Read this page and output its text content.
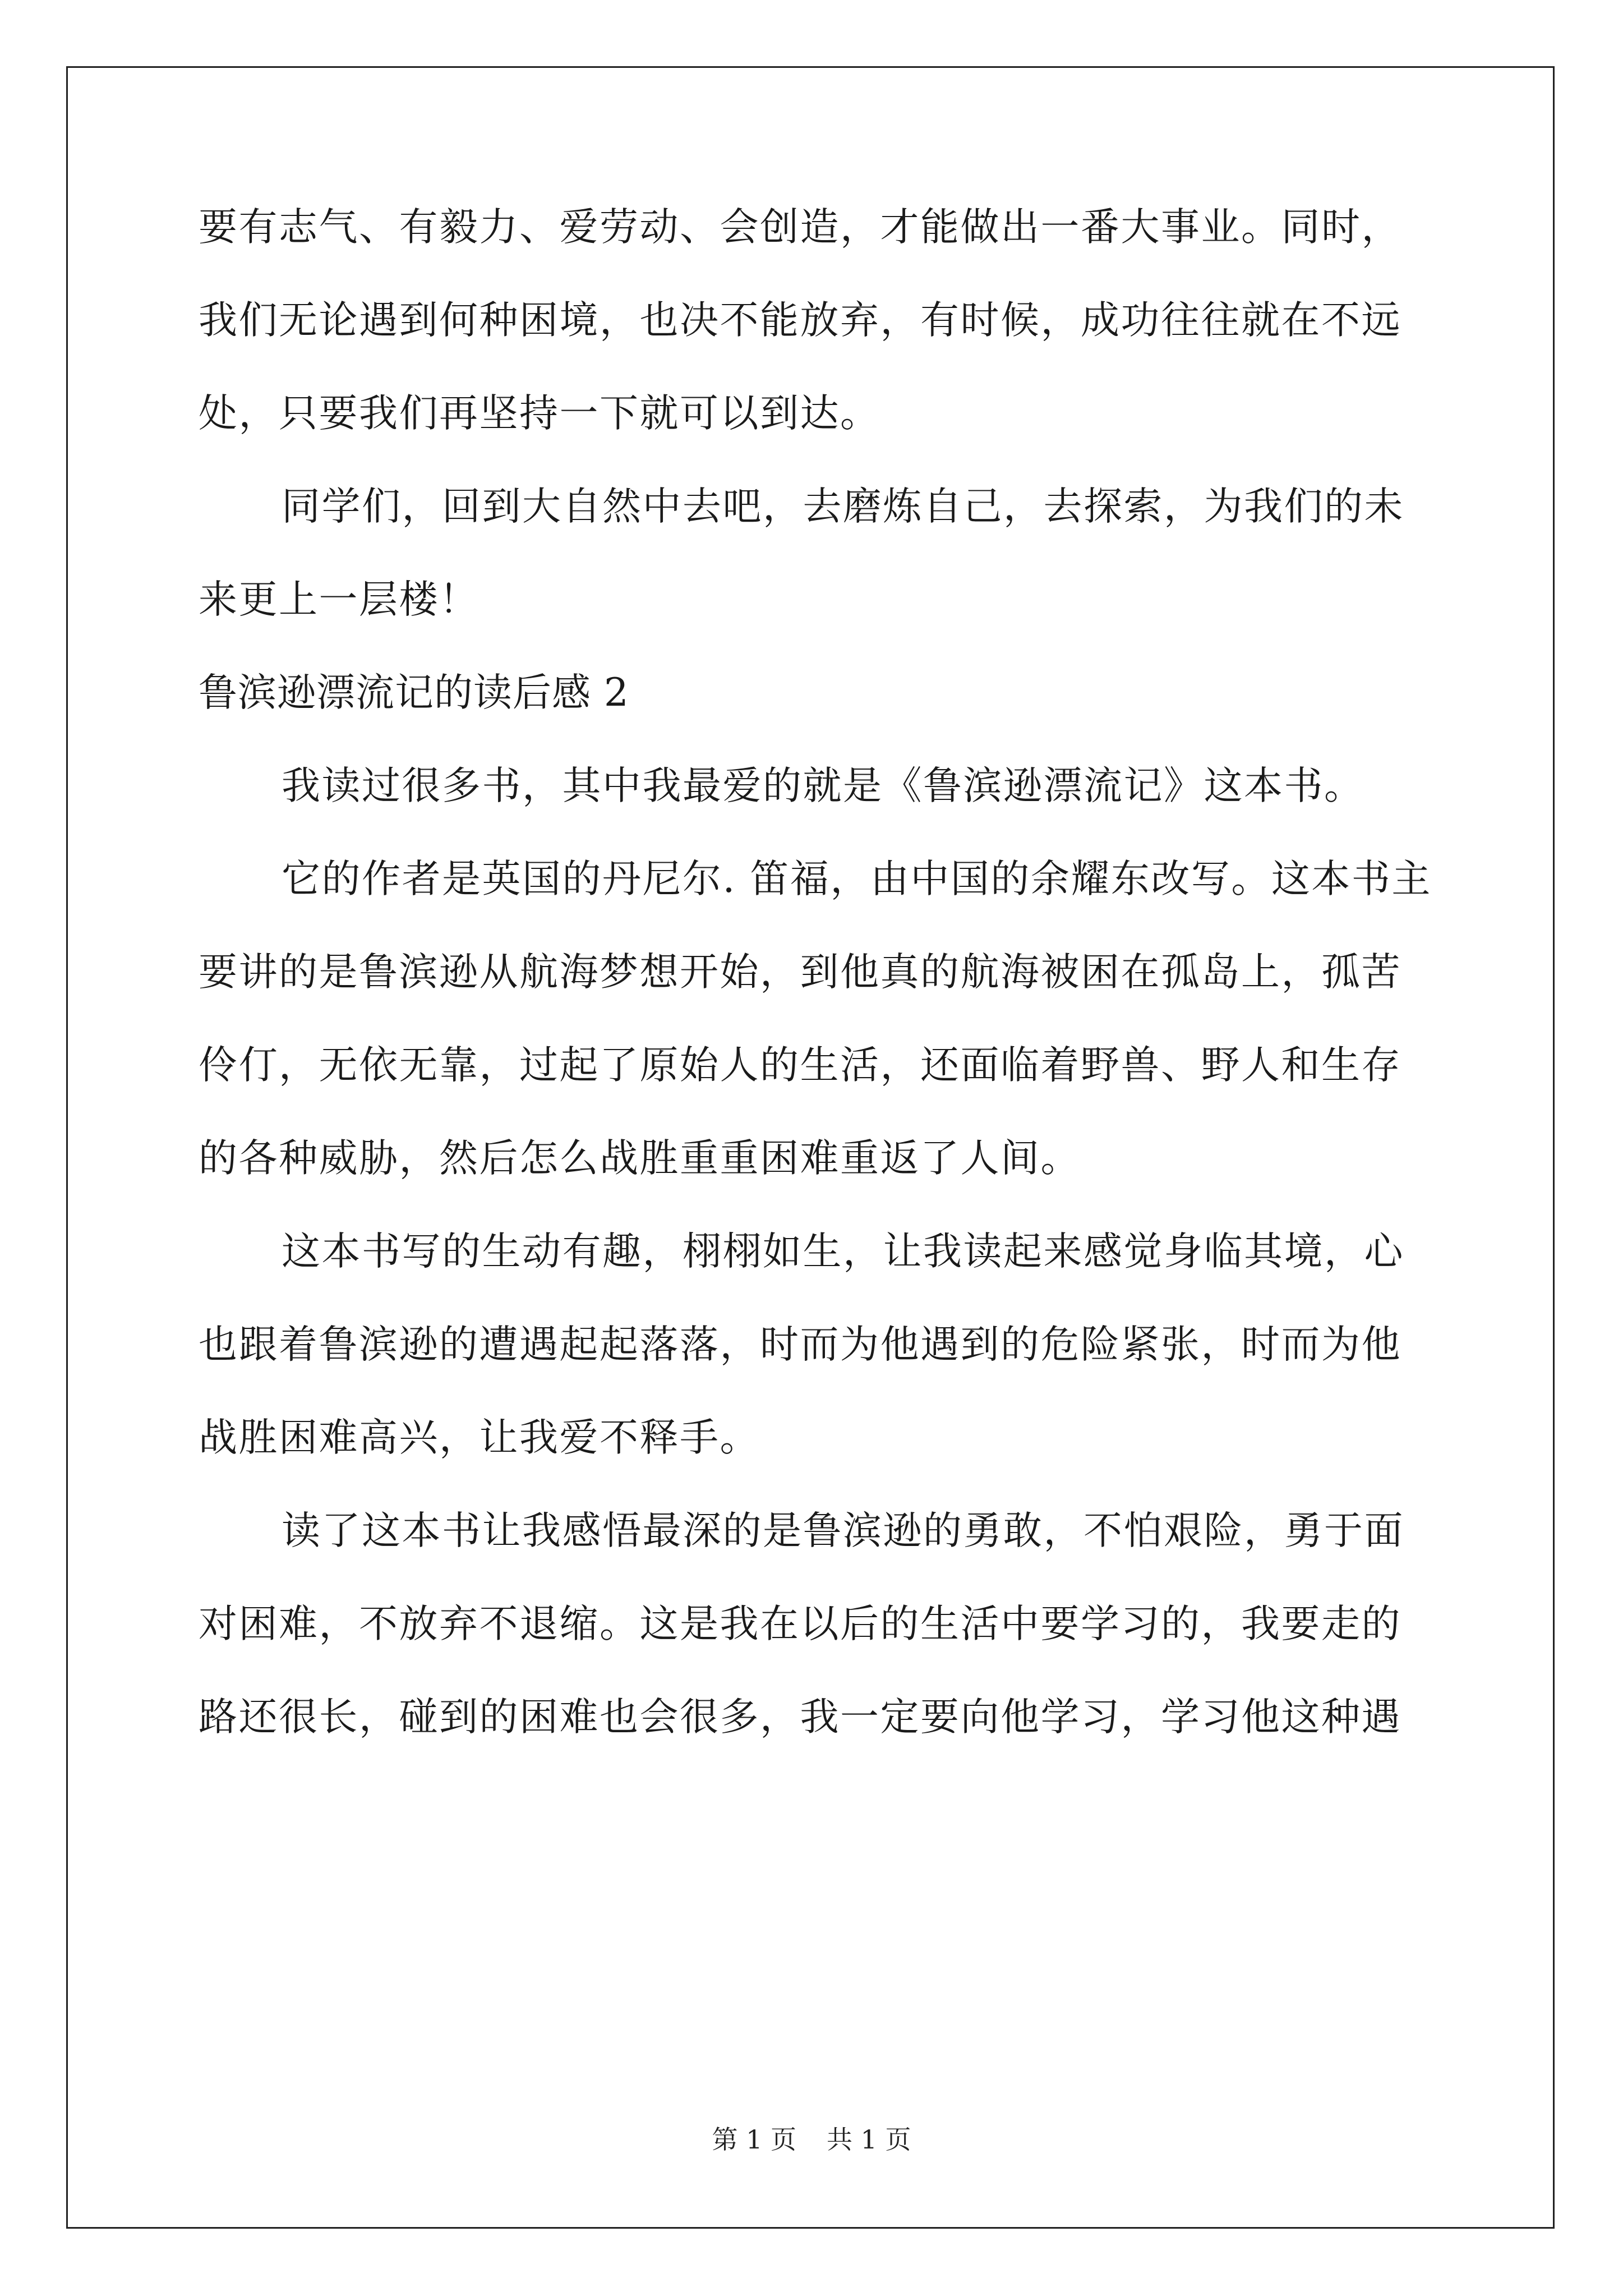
要有志气、有毅力、爱劳动、会创造，才能做出一番大事业。同时，
我们无论遇到何种困境，也决不能放弃，有时候，成功往往就在不远
处，只要我们再坚持一下就可以到达。
同学们，回到大自然中去吧，去磨炼自己，去探索，为我们的未
来更上一层楼！
鲁滨逊漂流记的读后感 2
我读过很多书，其中我最爱的就是《鲁滨逊漂流记》这本书。
它的作者是英国的丹尼尔. 笛福，由中国的余耀东改写。这本书主
要讲的是鲁滨逊从航海梦想开始，到他真的航海被困在孤岛上，孤苦
伶仃，无依无靠，过起了原始人的生活，还面临着野兽、野人和生存
的各种威胁，然后怎么战胜重重困难重返了人间。
这本书写的生动有趣，栩栩如生，让我读起来感觉身临其境，心
也跟着鲁滨逊的遭遇起起落落，时而为他遇到的危险紧张，时而为他
战胜困难高兴，让我爱不释手。
读了这本书让我感悟最深的是鲁滨逊的勇敢，不怕艰险，勇于面
对困难，不放弃不退缩。这是我在以后的生活中要学习的，我要走的
路还很长，碰到的困难也会很多，我一定要向他学习，学习他这种遇
第 1 页 共 1 页
